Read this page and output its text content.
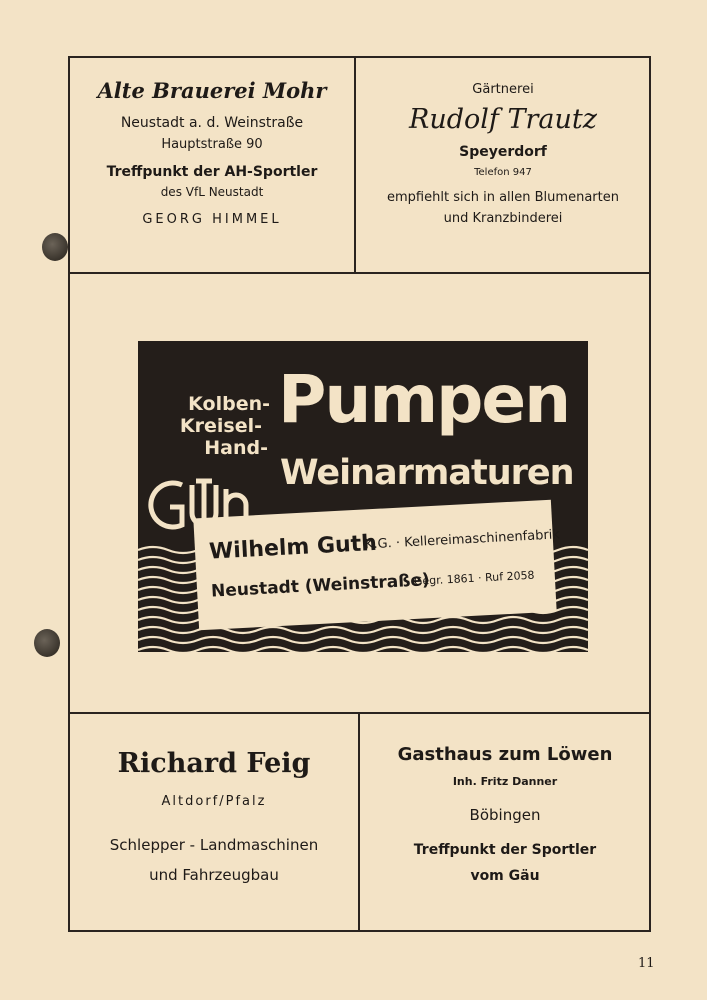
Alte Brauerei Mohr
Neustadt a. d. Weinstraße
Hauptstraße 90
Treffpunkt der AH-Sportler
des VfL Neustadt
GEORG HIMMEL
Gärtnerei
Rudolf Trautz
Speyerdorf
Telefon 947
empfiehlt sich in allen Blumenarten
und Kranzbinderei
Kolben-
Kreisel-
Hand-
Pumpen
Weinarmaturen
Wilhelm Guth
K.G. · Kellereimaschinenfabrik
Neustadt (Weinstraße)
· Gegr. 1861 · Ruf 2058
Richard Feig
Altdorf/Pfalz
Schlepper - Landmaschinen
und Fahrzeugbau
Gasthaus zum Löwen
Inh. Fritz Danner
Böbingen
Treffpunkt der Sportler
vom Gäu
11
